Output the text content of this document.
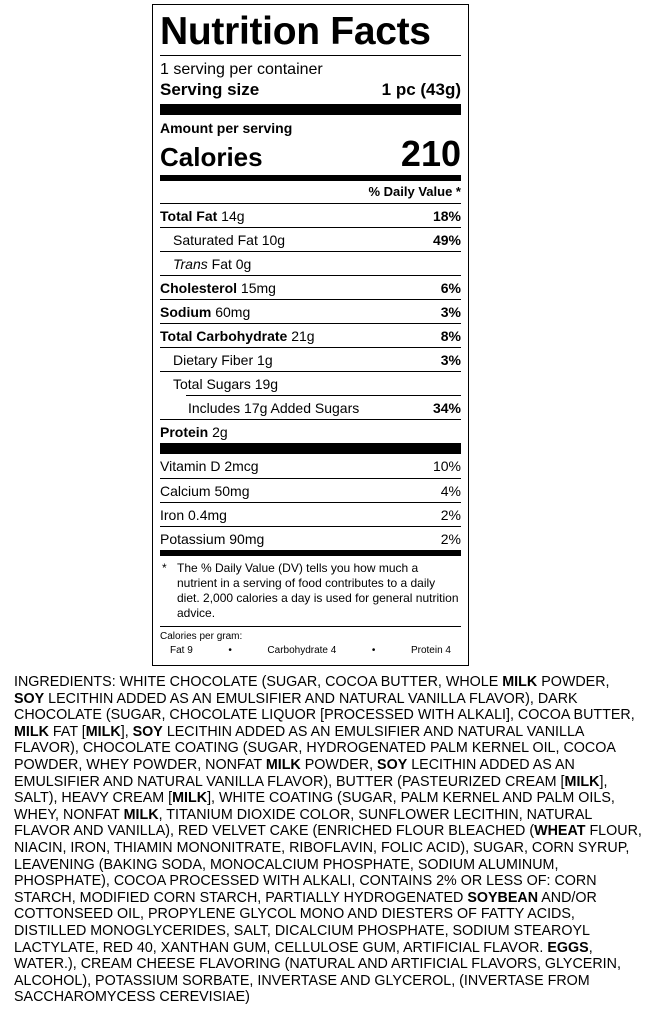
Nutrition Facts
1 serving per container
Serving size	1 pc (43g)
Amount per serving
Calories	210
% Daily Value *
Total Fat 14g	18%
Saturated Fat 10g	49%
Trans Fat 0g
Cholesterol 15mg	6%
Sodium 60mg	3%
Total Carbohydrate 21g	8%
Dietary Fiber 1g	3%
Total Sugars 19g
Includes 17g Added Sugars	34%
Protein 2g
Vitamin D 2mcg	10%
Calcium 50mg	4%
Iron 0.4mg	2%
Potassium 90mg	2%
* The % Daily Value (DV) tells you how much a nutrient in a serving of food contributes to a daily diet. 2,000 calories a day is used for general nutrition advice.
Calories per gram:
Fat 9	•	Carbohydrate 4	•	Protein 4
INGREDIENTS: WHITE CHOCOLATE (SUGAR, COCOA BUTTER, WHOLE MILK POWDER, SOY LECITHIN ADDED AS AN EMULSIFIER AND NATURAL VANILLA FLAVOR), DARK CHOCOLATE (SUGAR, CHOCOLATE LIQUOR [PROCESSED WITH ALKALI], COCOA BUTTER, MILK FAT [MILK], SOY LECITHIN ADDED AS AN EMULSIFIER AND NATURAL VANILLA FLAVOR), CHOCOLATE COATING (SUGAR, HYDROGENATED PALM KERNEL OIL, COCOA POWDER, WHEY POWDER, NONFAT MILK POWDER, SOY LECITHIN ADDED AS AN EMULSIFIER AND NATURAL VANILLA FLAVOR), BUTTER (PASTEURIZED CREAM [MILK], SALT), HEAVY CREAM [MILK], WHITE COATING (SUGAR, PALM KERNEL AND PALM OILS, WHEY, NONFAT MILK, TITANIUM DIOXIDE COLOR, SUNFLOWER LECITHIN, NATURAL FLAVOR AND VANILLA), RED VELVET CAKE (ENRICHED FLOUR BLEACHED (WHEAT FLOUR, NIACIN, IRON, THIAMIN MONONITRATE, RIBOFLAVIN, FOLIC ACID), SUGAR, CORN SYRUP, LEAVENING (BAKING SODA, MONOCALCIUM PHOSPHATE, SODIUM ALUMINUM, PHOSPHATE), COCOA PROCESSED WITH ALKALI, CONTAINS 2% OR LESS OF: CORN STARCH, MODIFIED CORN STARCH, PARTIALLY HYDROGENATED SOYBEAN AND/OR COTTONSEED OIL, PROPYLENE GLYCOL MONO AND DIESTERS OF FATTY ACIDS, DISTILLED MONOGLYCERIDES, SALT, DICALCIUM PHOSPHATE, SODIUM STEAROYL LACTYLATE, RED 40, XANTHAN GUM, CELLULOSE GUM, ARTIFICIAL FLAVOR. EGGS, WATER.), CREAM CHEESE FLAVORING (NATURAL AND ARTIFICIAL FLAVORS, GLYCERIN, ALCOHOL), POTASSIUM SORBATE, INVERTASE AND GLYCEROL, (INVERTASE FROM SACCHAROMYCESS CEREVISIAE)
